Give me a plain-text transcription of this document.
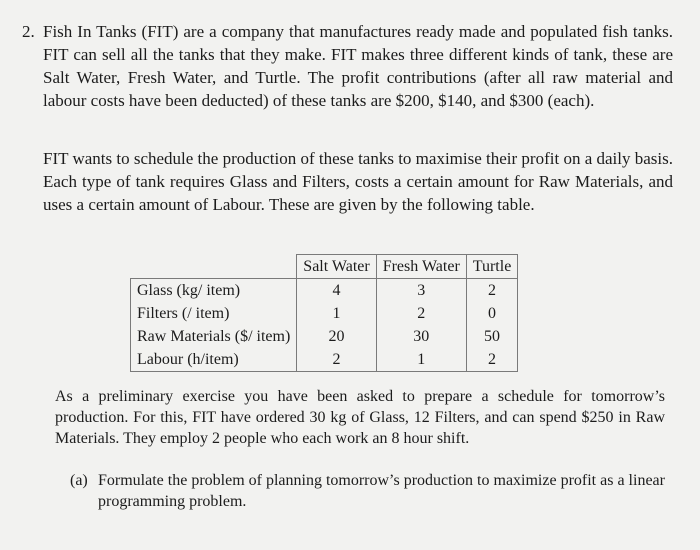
2. Fish In Tanks (FIT) are a company that manufactures ready made and populated fish tanks. FIT can sell all the tanks that they make. FIT makes three different kinds of tank, these are Salt Water, Fresh Water, and Turtle. The profit contributions (after all raw material and labour costs have been deducted) of these tanks are $200, $140, and $300 (each).

FIT wants to schedule the production of these tanks to maximise their profit on a daily basis. Each type of tank requires Glass and Filters, costs a certain amount for Raw Materials, and uses a certain amount of Labour. These are given by the following table.

	Salt Water	Fresh Water	Turtle
Glass (kg/ item)	4	3	2
Filters (/ item)	1	2	0
Raw Materials ($/ item)	20	30	50
Labour (h/item)	2	1	2

As a preliminary exercise you have been asked to prepare a schedule for tomorrow’s production. For this, FIT have ordered 30 kg of Glass, 12 Filters, and can spend $250 in Raw Materials. They employ 2 people who each work an 8 hour shift.

(a) Formulate the problem of planning tomorrow’s production to maximize profit as a linear programming problem.
